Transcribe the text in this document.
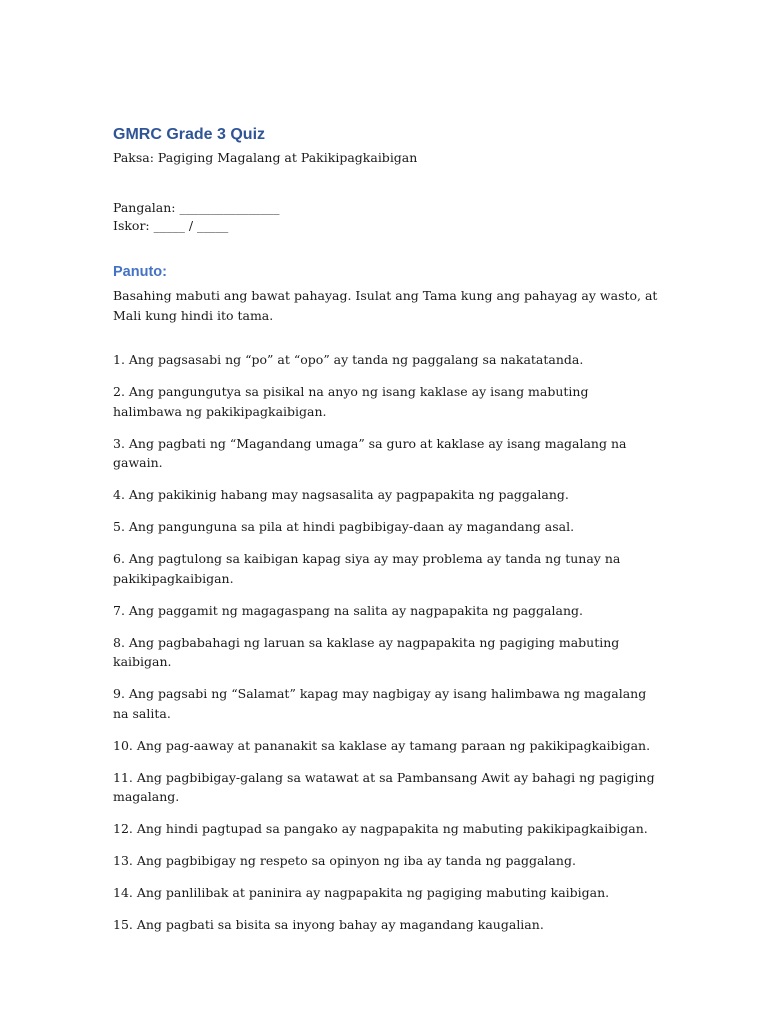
GMRC Grade 3 Quiz

Paksa: Pagiging Magalang at Pakikipagkaibigan

Pangalan: ________________
Iskor: _____ / _____
Panuto:

Basahing mabuti ang bawat pahayag. Isulat ang Tama kung ang pahayag ay wasto, at Mali kung hindi ito tama.

1. Ang pagsasabi ng “po” at “opo” ay tanda ng paggalang sa nakatatanda.
2. Ang pangungutya sa pisikal na anyo ng isang kaklase ay isang mabuting halimbawa ng pakikipagkaibigan.
3. Ang pagbati ng “Magandang umaga” sa guro at kaklase ay isang magalang na gawain.
4. Ang pakikinig habang may nagsasalita ay pagpapakita ng paggalang.
5. Ang pangunguna sa pila at hindi pagbibigay-daan ay magandang asal.
6. Ang pagtulong sa kaibigan kapag siya ay may problema ay tanda ng tunay na pakikipagkaibigan.
7. Ang paggamit ng magagaspang na salita ay nagpapakita ng paggalang.
8. Ang pagbabahagi ng laruan sa kaklase ay nagpapakita ng pagiging mabuting kaibigan.
9. Ang pagsabi ng “Salamat” kapag may nagbigay ay isang halimbawa ng magalang na salita.
10. Ang pag-aaway at pananakit sa kaklase ay tamang paraan ng pakikipagkaibigan.
11. Ang pagbibigay-galang sa watawat at sa Pambansang Awit ay bahagi ng pagiging magalang.
12. Ang hindi pagtupad sa pangako ay nagpapakita ng mabuting pakikipagkaibigan.
13. Ang pagbibigay ng respeto sa opinyon ng iba ay tanda ng paggalang.
14. Ang panlilibak at paninira ay nagpapakita ng pagiging mabuting kaibigan.
15. Ang pagbati sa bisita sa inyong bahay ay magandang kaugalian.
